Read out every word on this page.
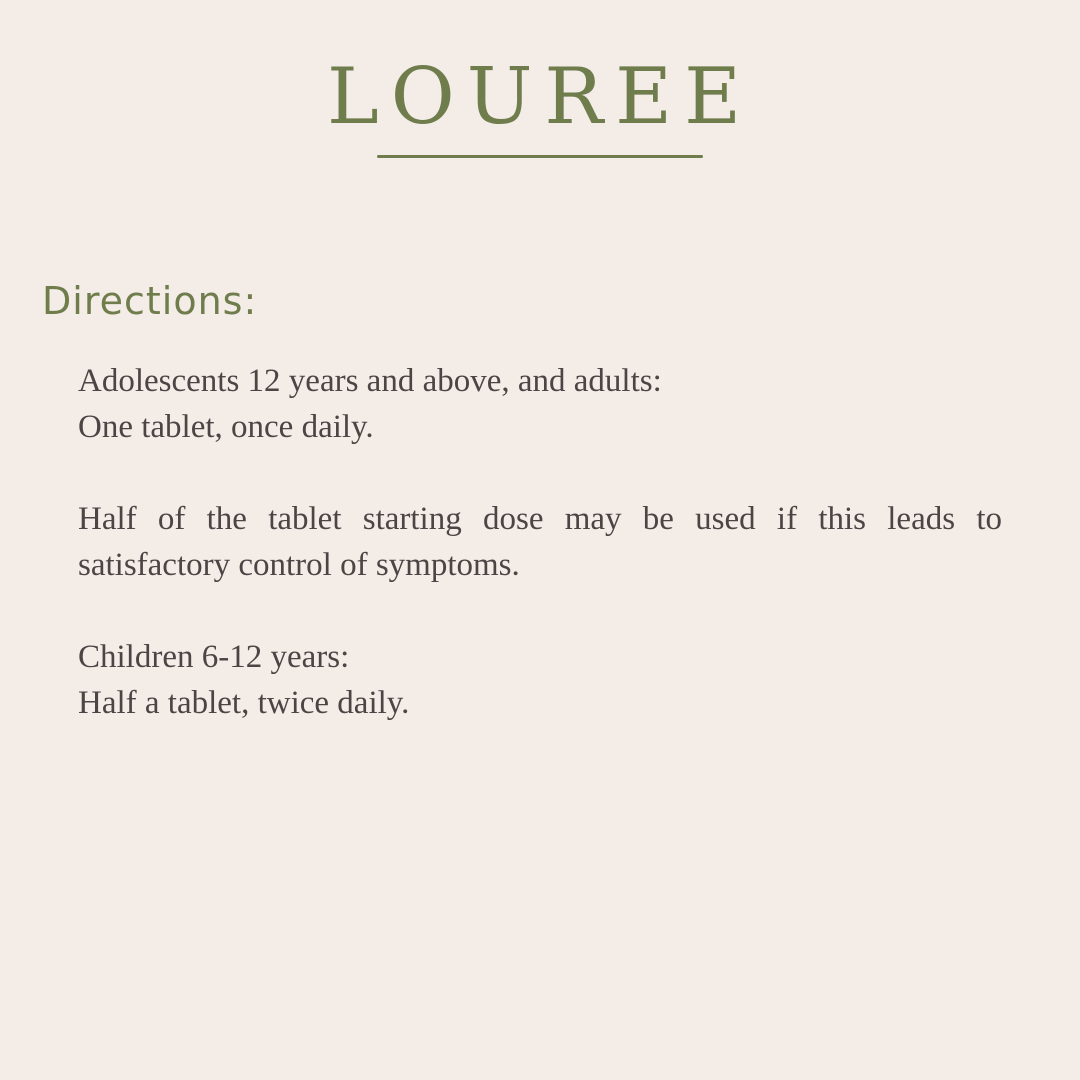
LOUREE
Directions:

Adolescents 12 years and above, and adults:
One tablet, once daily.

Half of the tablet starting dose may be used if this leads to
satisfactory control of symptoms.

Children 6-12 years:
Half a tablet, twice daily.
